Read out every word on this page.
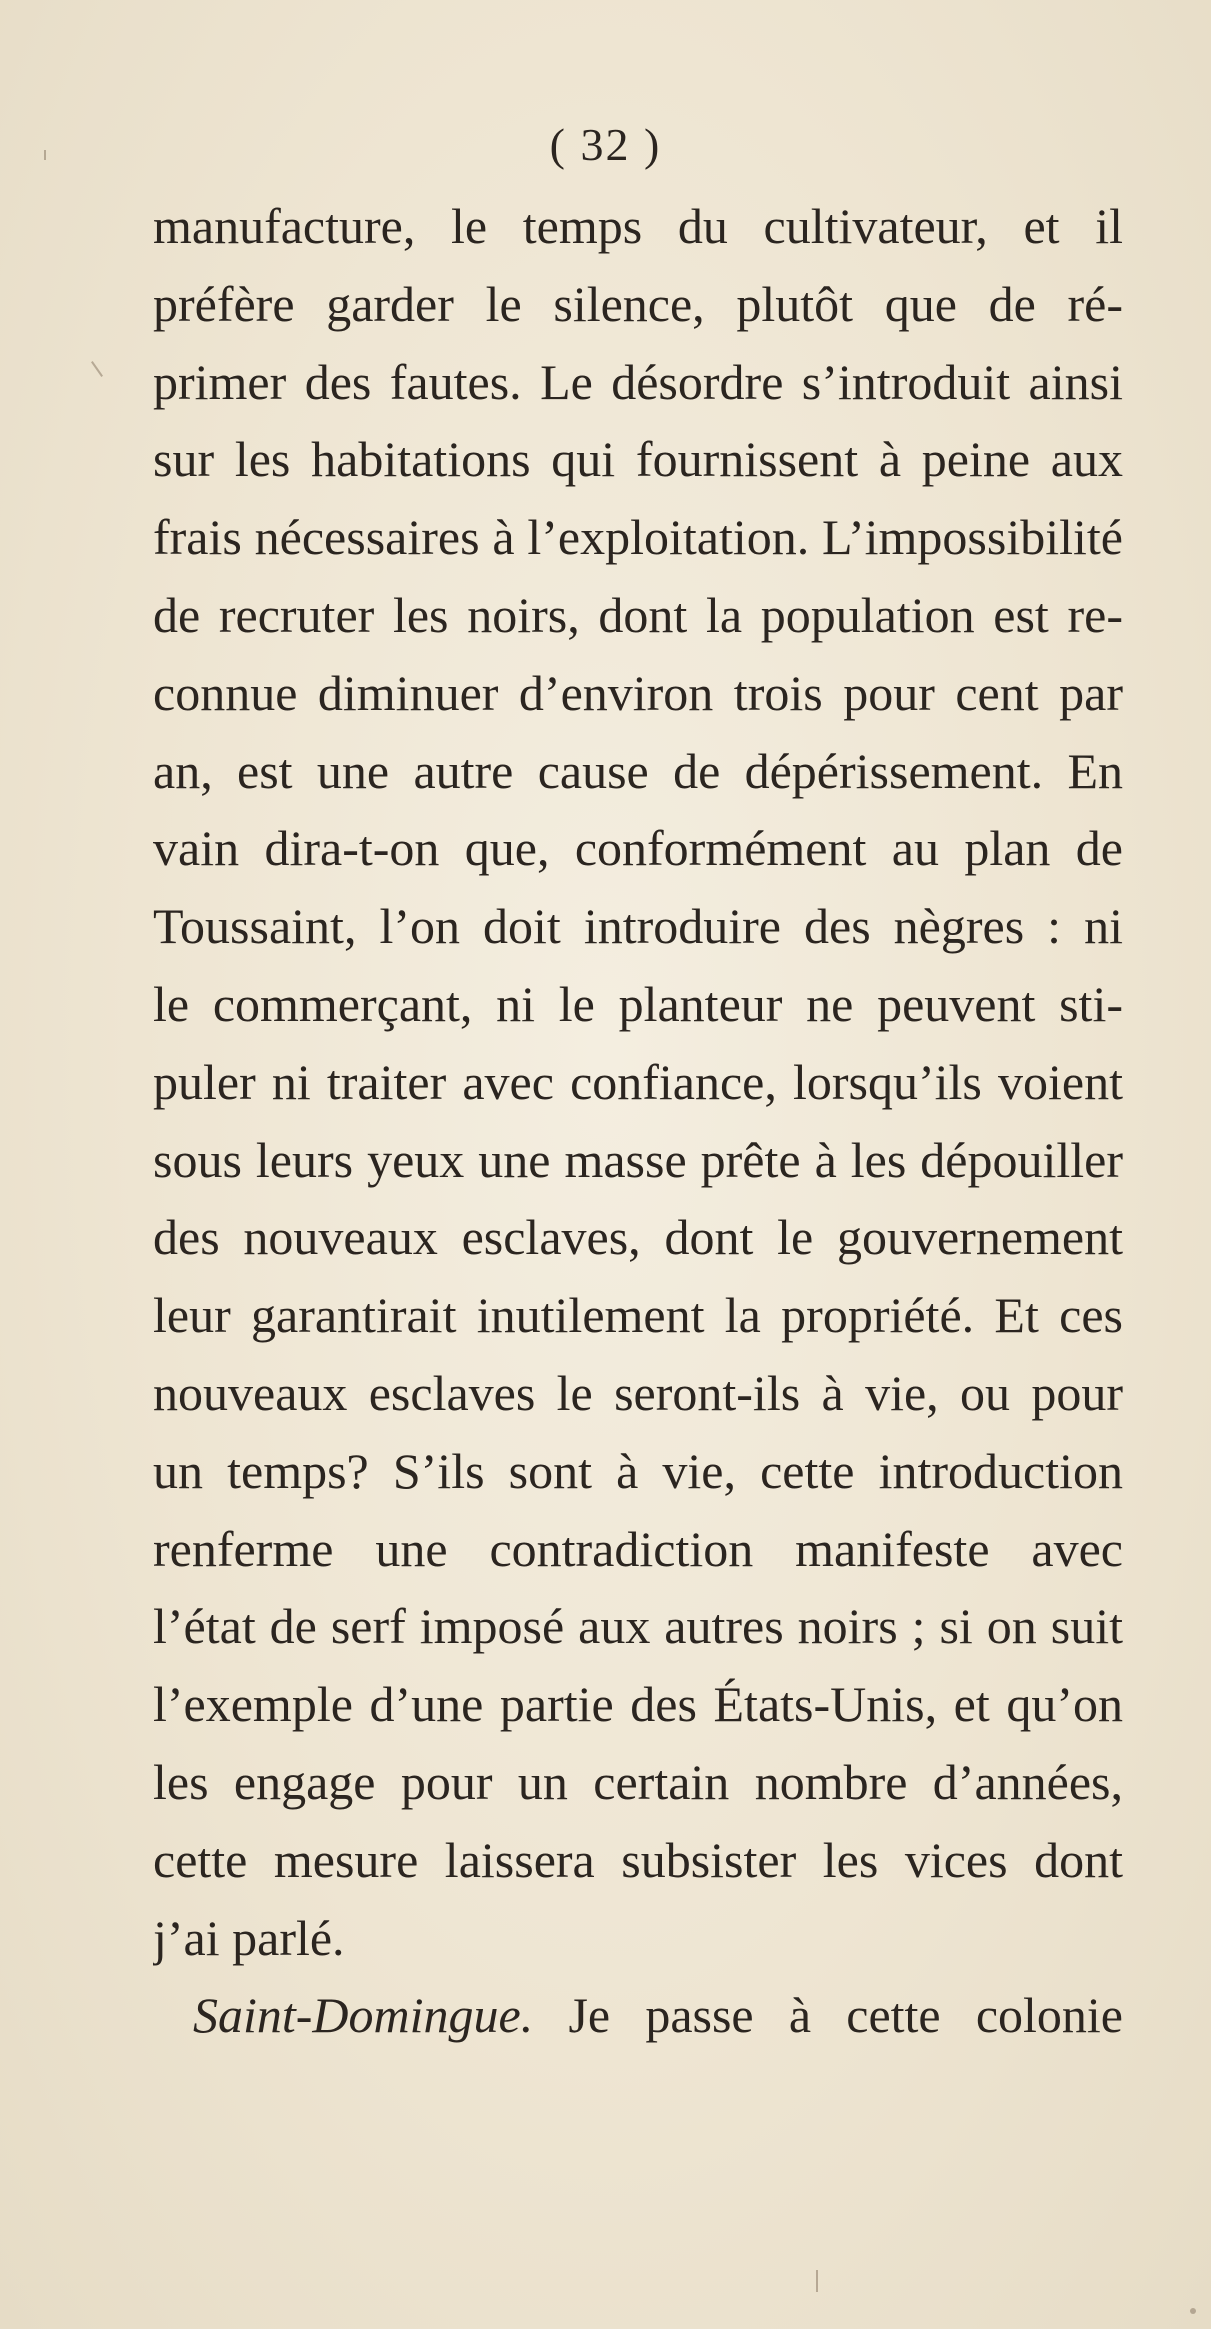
( 32 )
manufacture, le temps du cultivateur, et il
préfère garder le silence, plutôt que de ré-
primer des fautes. Le désordre s’introduit ainsi
sur les habitations qui fournissent à peine aux
frais nécessaires à l’exploitation. L’impossibilité
de recruter les noirs, dont la population est re-
connue diminuer d’environ trois pour cent par
an, est une autre cause de dépérissement. En
vain dira-t-on que, conformément au plan de
Toussaint, l’on doit introduire des nègres : ni
le commerçant, ni le planteur ne peuvent sti-
puler ni traiter avec confiance, lorsqu’ils voient
sous leurs yeux une masse prête à les dépouiller
des nouveaux esclaves, dont le gouvernement
leur garantirait inutilement la propriété. Et ces
nouveaux esclaves le seront-ils à vie, ou pour
un temps? S’ils sont à vie, cette introduction
renferme une contradiction manifeste avec
l’état de serf imposé aux autres noirs ; si on suit
l’exemple d’une partie des États-Unis, et qu’on
les engage pour un certain nombre d’années,
cette mesure laissera subsister les vices dont
j’ai parlé.
Saint-Domingue. Je passe à cette colonie
